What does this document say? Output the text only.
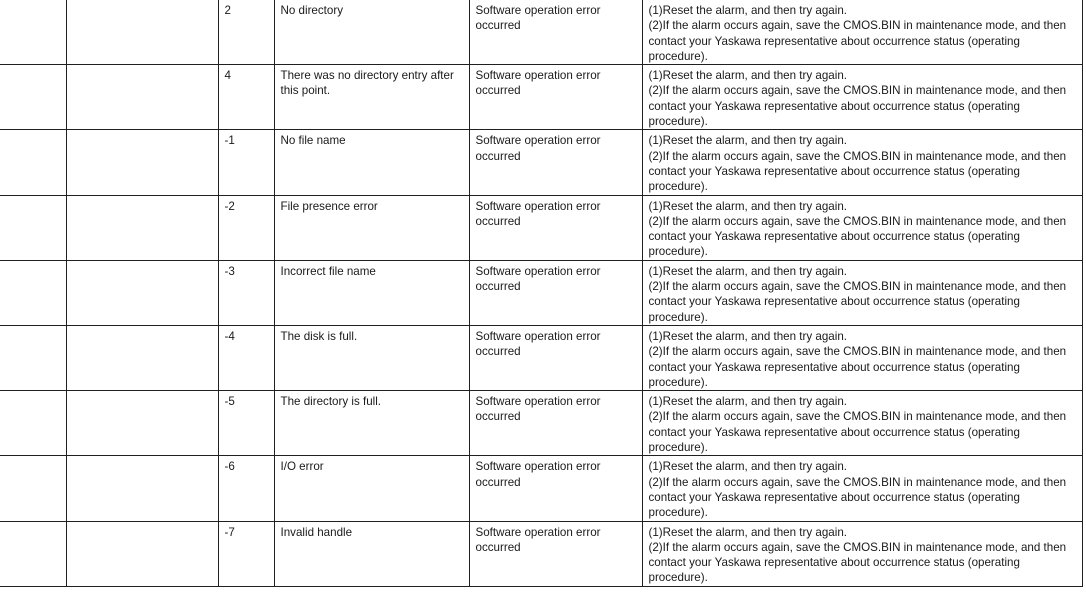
		2	No directory	Software operation error occurred	(1)Reset the alarm, and then try again.
(2)If the alarm occurs again, save the CMOS.BIN in maintenance mode, and then contact your Yaskawa representative about occurrence status (operating procedure).

		4	There was no directory entry after this point.	Software operation error occurred	(1)Reset the alarm, and then try again.
(2)If the alarm occurs again, save the CMOS.BIN in maintenance mode, and then contact your Yaskawa representative about occurrence status (operating procedure).

		-1	No file name	Software operation error occurred	(1)Reset the alarm, and then try again.
(2)If the alarm occurs again, save the CMOS.BIN in maintenance mode, and then contact your Yaskawa representative about occurrence status (operating procedure).

		-2	File presence error	Software operation error occurred	(1)Reset the alarm, and then try again.
(2)If the alarm occurs again, save the CMOS.BIN in maintenance mode, and then contact your Yaskawa representative about occurrence status (operating procedure).

		-3	Incorrect file name	Software operation error occurred	(1)Reset the alarm, and then try again.
(2)If the alarm occurs again, save the CMOS.BIN in maintenance mode, and then contact your Yaskawa representative about occurrence status (operating procedure).

		-4	The disk is full.	Software operation error occurred	(1)Reset the alarm, and then try again.
(2)If the alarm occurs again, save the CMOS.BIN in maintenance mode, and then contact your Yaskawa representative about occurrence status (operating procedure).

		-5	The directory is full.	Software operation error occurred	(1)Reset the alarm, and then try again.
(2)If the alarm occurs again, save the CMOS.BIN in maintenance mode, and then contact your Yaskawa representative about occurrence status (operating procedure).

		-6	I/O error	Software operation error occurred	(1)Reset the alarm, and then try again.
(2)If the alarm occurs again, save the CMOS.BIN in maintenance mode, and then contact your Yaskawa representative about occurrence status (operating procedure).

		-7	Invalid handle	Software operation error occurred	(1)Reset the alarm, and then try again.
(2)If the alarm occurs again, save the CMOS.BIN in maintenance mode, and then contact your Yaskawa representative about occurrence status (operating procedure).
